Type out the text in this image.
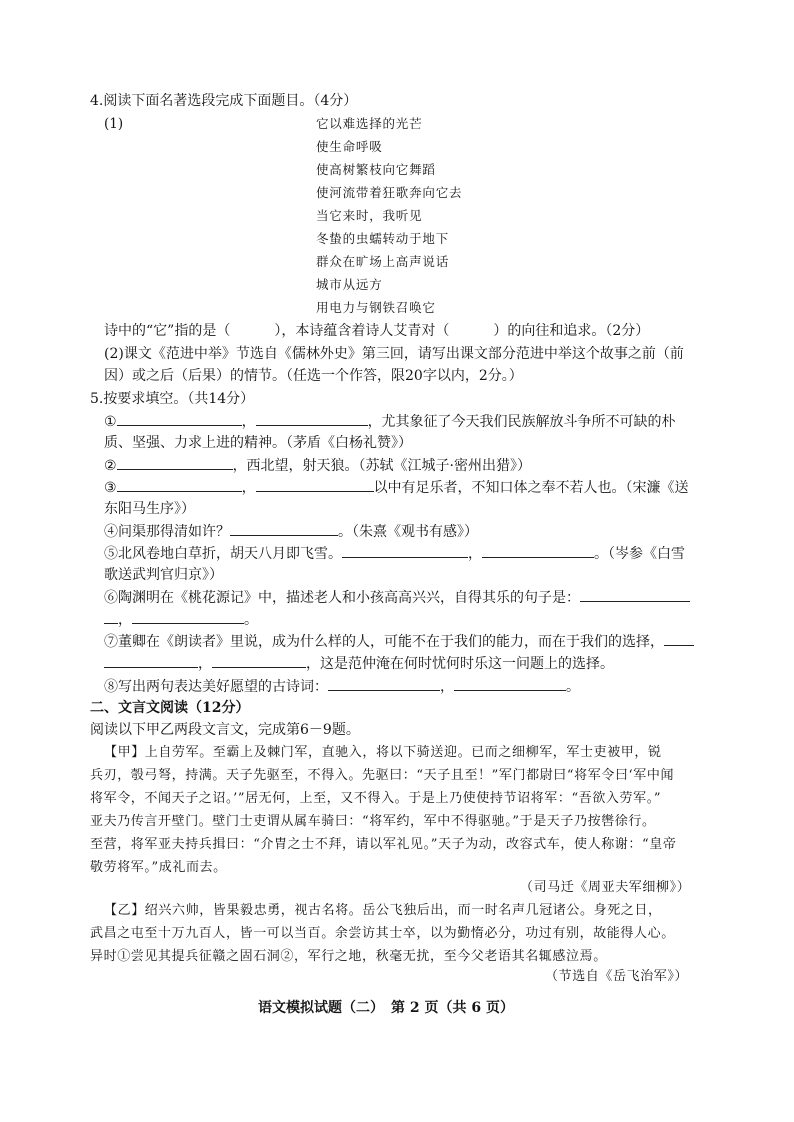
4.阅读下面名著选段完成下面题目。（4分）
(1)	它以难选择的光芒
使生命呼吸
使高树繁枝向它舞蹈
使河流带着狂歌奔向它去
当它来时，我听见
冬蛰的虫蠕转动于地下
群众在旷场上高声说话
城市从远方
用电力与钢铁召唤它
诗中的“它”指的是（	），本诗蕴含着诗人艾青对（	）的向往和追求。（2分）
(2)课文《范进中举》节选自《儒林外史》第三回，请写出课文部分范进中举这个故事之前（前
因）或之后（后果）的情节。（任选一个作答，限20字以内，2分。）
5.按要求填空。（共14分）
①	，	，尤其象征了今天我们民族解放斗争所不可缺的朴
质、坚强、力求上进的精神。（茅盾《白杨礼赞》）
②	，西北望，射天狼。（苏轼《江城子·密州出猎》）
③	，	以中有足乐者，不知口体之奉不若人也。（宋濂《送
东阳马生序》）
④问渠那得清如许？	。（朱熹《观书有感》）
⑤北风卷地白草折，胡天八月即飞雪。	，	。（岑参《白雪
歌送武判官归京》）
⑥陶渊明在《桃花源记》中，描述老人和小孩高高兴兴，自得其乐的句子是：
，	。
⑦董卿在《朗读者》里说，成为什么样的人，可能不在于我们的能力，而在于我们的选择，
，	，这是范仲淹在何时忧何时乐这一问题上的选择。
⑧写出两句表达美好愿望的古诗词：	，	。
二、文言文阅读（12分）
阅读以下甲乙两段文言文，完成第6－9题。
【甲】上自劳军。至霸上及棘门军，直驰入，将以下骑送迎。已而之细柳军，军士吏被甲，锐
兵刃，彀弓弩，持满。天子先驱至，不得入。先驱曰：“天子且至！”军门都尉曰“将军令曰‘军中闻
将军令，不闻天子之诏。’”居无何，上至，又不得入。于是上乃使使持节诏将军：“吾欲入劳军。”
亚夫乃传言开壁门。壁门士吏谓从属车骑曰：“将军约，军中不得驱驰。”于是天子乃按辔徐行。
至营，将军亚夫持兵揖曰：“介胄之士不拜，请以军礼见。”天子为动，改容式车，使人称谢：“皇帝
敬劳将军。”成礼而去。
（司马迁《周亚夫军细柳》）
【乙】绍兴六帅，皆果毅忠勇，视古名将。岳公飞独后出，而一时名声几冠诸公。身死之日，
武昌之屯至十万九百人，皆一可以当百。余尝访其士卒，以为勤惰必分，功过有别，故能得人心。
异时①尝见其提兵征赣之固石洞②，军行之地，秋毫无扰，至今父老语其名辄感泣焉。
（节选自《岳飞治军》）
语文模拟试题（二）　第 2 页（共 6 页）
